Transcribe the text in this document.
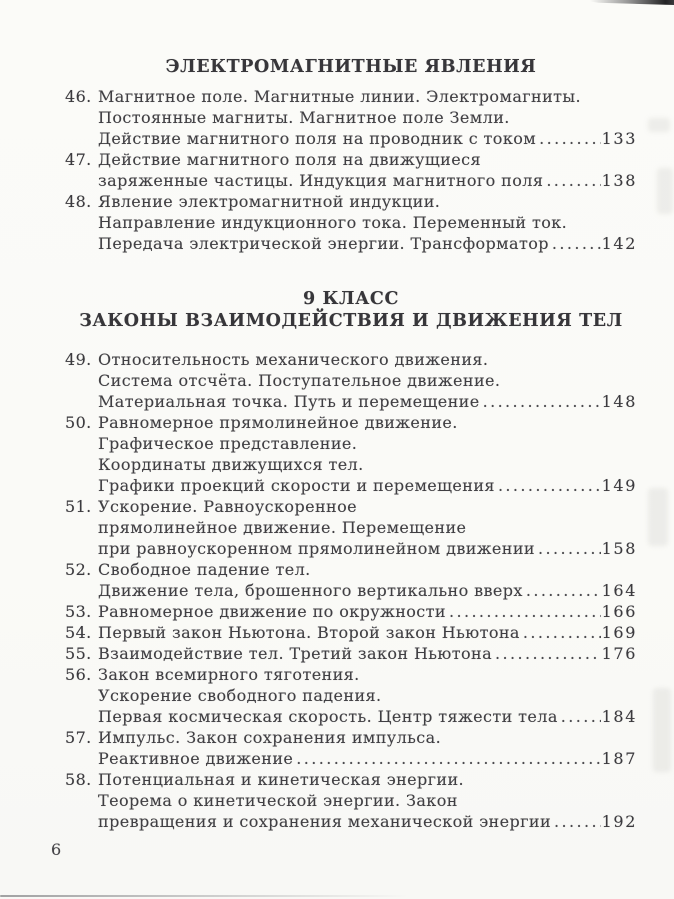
ЭЛЕКТРОМАГНИТНЫЕ ЯВЛЕНИЯ
46. Магнитное поле. Магнитные линии. Электромагниты.
Постоянные магниты. Магнитное поле Земли.
Действие магнитного поля на проводник с током .....	133
47. Действие магнитного поля на движущиеся
заряженные частицы. Индукция магнитного поля .....	138
48. Явление электромагнитной индукции.
Направление индукционного тока. Переменный ток.
Передача электрической энергии. Трансформатор .....	142
9 КЛАСС
ЗАКОНЫ ВЗАИМОДЕЙСТВИЯ И ДВИЖЕНИЯ ТЕЛ
49. Относительность механического движения.
Система отсчёта. Поступательное движение.
Материальная точка. Путь и перемещение .....	148
50. Равномерное прямолинейное движение.
Графическое представление.
Координаты движущихся тел.
Графики проекций скорости и перемещения .....	149
51. Ускорение. Равноускоренное
прямолинейное движение. Перемещение
при равноускоренном прямолинейном движении .....	158
52. Свободное падение тел.
Движение тела, брошенного вертикально вверх .....	164
53. Равномерное движение по окружности .....	166
54. Первый закон Ньютона. Второй закон Ньютона .....	169
55. Взаимодействие тел. Третий закон Ньютона .....	176
56. Закон всемирного тяготения.
Ускорение свободного падения.
Первая космическая скорость. Центр тяжести тела .....	184
57. Импульс. Закон сохранения импульса.
Реактивное движение .....	187
58. Потенциальная и кинетическая энергии.
Теорема о кинетической энергии. Закон
превращения и сохранения механической энергии .....	192
6
